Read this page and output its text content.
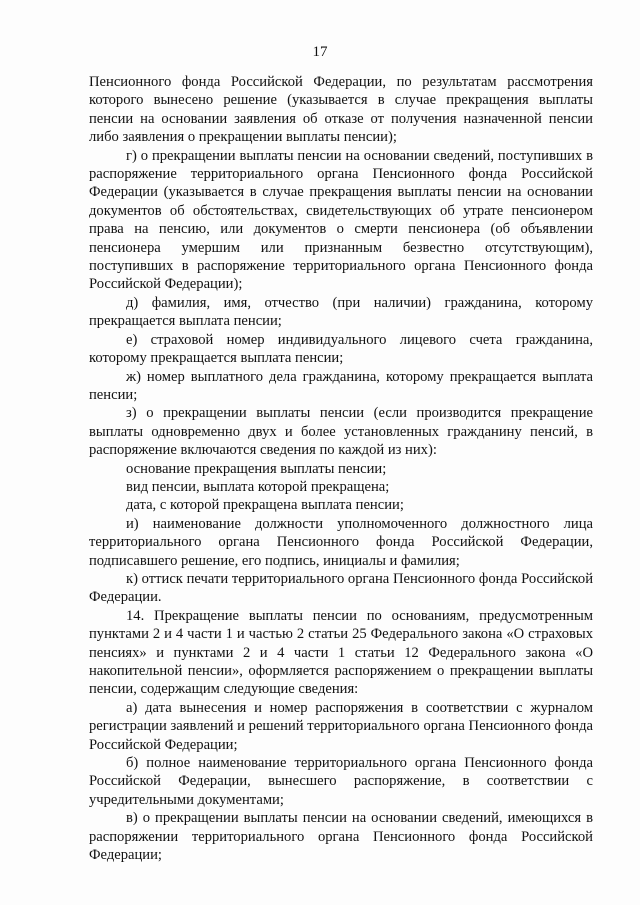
17

Пенсионного фонда Российской Федерации, по результатам рассмотрения которого вынесено решение (указывается в случае прекращения выплаты пенсии на основании заявления об отказе от получения назначенной пенсии либо заявления о прекращении выплаты пенсии);

г) о прекращении выплаты пенсии на основании сведений, поступивших в распоряжение территориального органа Пенсионного фонда Российской Федерации (указывается в случае прекращения выплаты пенсии на основании документов об обстоятельствах, свидетельствующих об утрате пенсионером права на пенсию, или документов о смерти пенсионера (об объявлении пенсионера умершим или признанным безвестно отсутствующим), поступивших в распоряжение территориального органа Пенсионного фонда Российской Федерации);

д) фамилия, имя, отчество (при наличии) гражданина, которому прекращается выплата пенсии;

е) страховой номер индивидуального лицевого счета гражданина, которому прекращается выплата пенсии;

ж) номер выплатного дела гражданина, которому прекращается выплата пенсии;

з) о прекращении выплаты пенсии (если производится прекращение выплаты одновременно двух и более установленных гражданину пенсий, в распоряжение включаются сведения по каждой из них):

основание прекращения выплаты пенсии;

вид пенсии, выплата которой прекращена;

дата, с которой прекращена выплата пенсии;

и) наименование должности уполномоченного должностного лица территориального органа Пенсионного фонда Российской Федерации, подписавшего решение, его подпись, инициалы и фамилия;

к) оттиск печати территориального органа Пенсионного фонда Российской Федерации.

14. Прекращение выплаты пенсии по основаниям, предусмотренным пунктами 2 и 4 части 1 и частью 2 статьи 25 Федерального закона «О страховых пенсиях» и пунктами 2 и 4 части 1 статьи 12 Федерального закона «О накопительной пенсии», оформляется распоряжением о прекращении выплаты пенсии, содержащим следующие сведения:

а) дата вынесения и номер распоряжения в соответствии с журналом регистрации заявлений и решений территориального органа Пенсионного фонда Российской Федерации;

б) полное наименование территориального органа Пенсионного фонда Российской Федерации, вынесшего распоряжение, в соответствии с учредительными документами;

в) о прекращении выплаты пенсии на основании сведений, имеющихся в распоряжении территориального органа Пенсионного фонда Российской Федерации;
